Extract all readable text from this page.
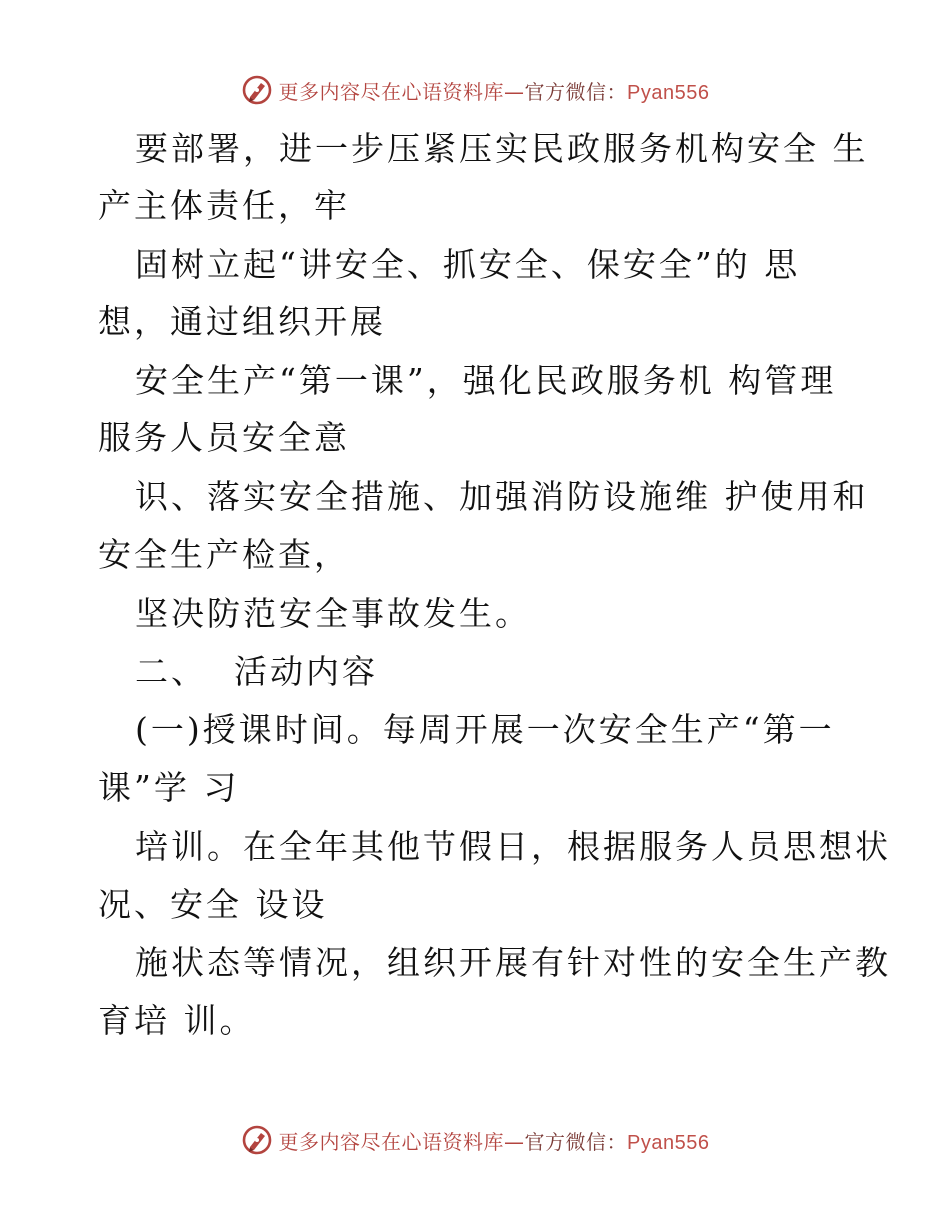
更多内容尽在心语资料库—官方微信：Pyan556
要部署，进一步压紧压实民政服务机构安全 生
产主体责任，牢
固树立起“讲安全、抓安全、保安全”的 思
想，通过组织开展
安全生产“第一课”，强化民政服务机 构管理
服务人员安全意
识、落实安全措施、加强消防设施维 护使用和
安全生产检查，
坚决防范安全事故发生。
二、  活动内容
(一)授课时间。每周开展一次安全生产“第一
课”学 习
培训。在全年其他节假日，根据服务人员思想状
况、安全 设设
施状态等情况，组织开展有针对性的安全生产教
育培 训。
更多内容尽在心语资料库—官方微信：Pyan556
